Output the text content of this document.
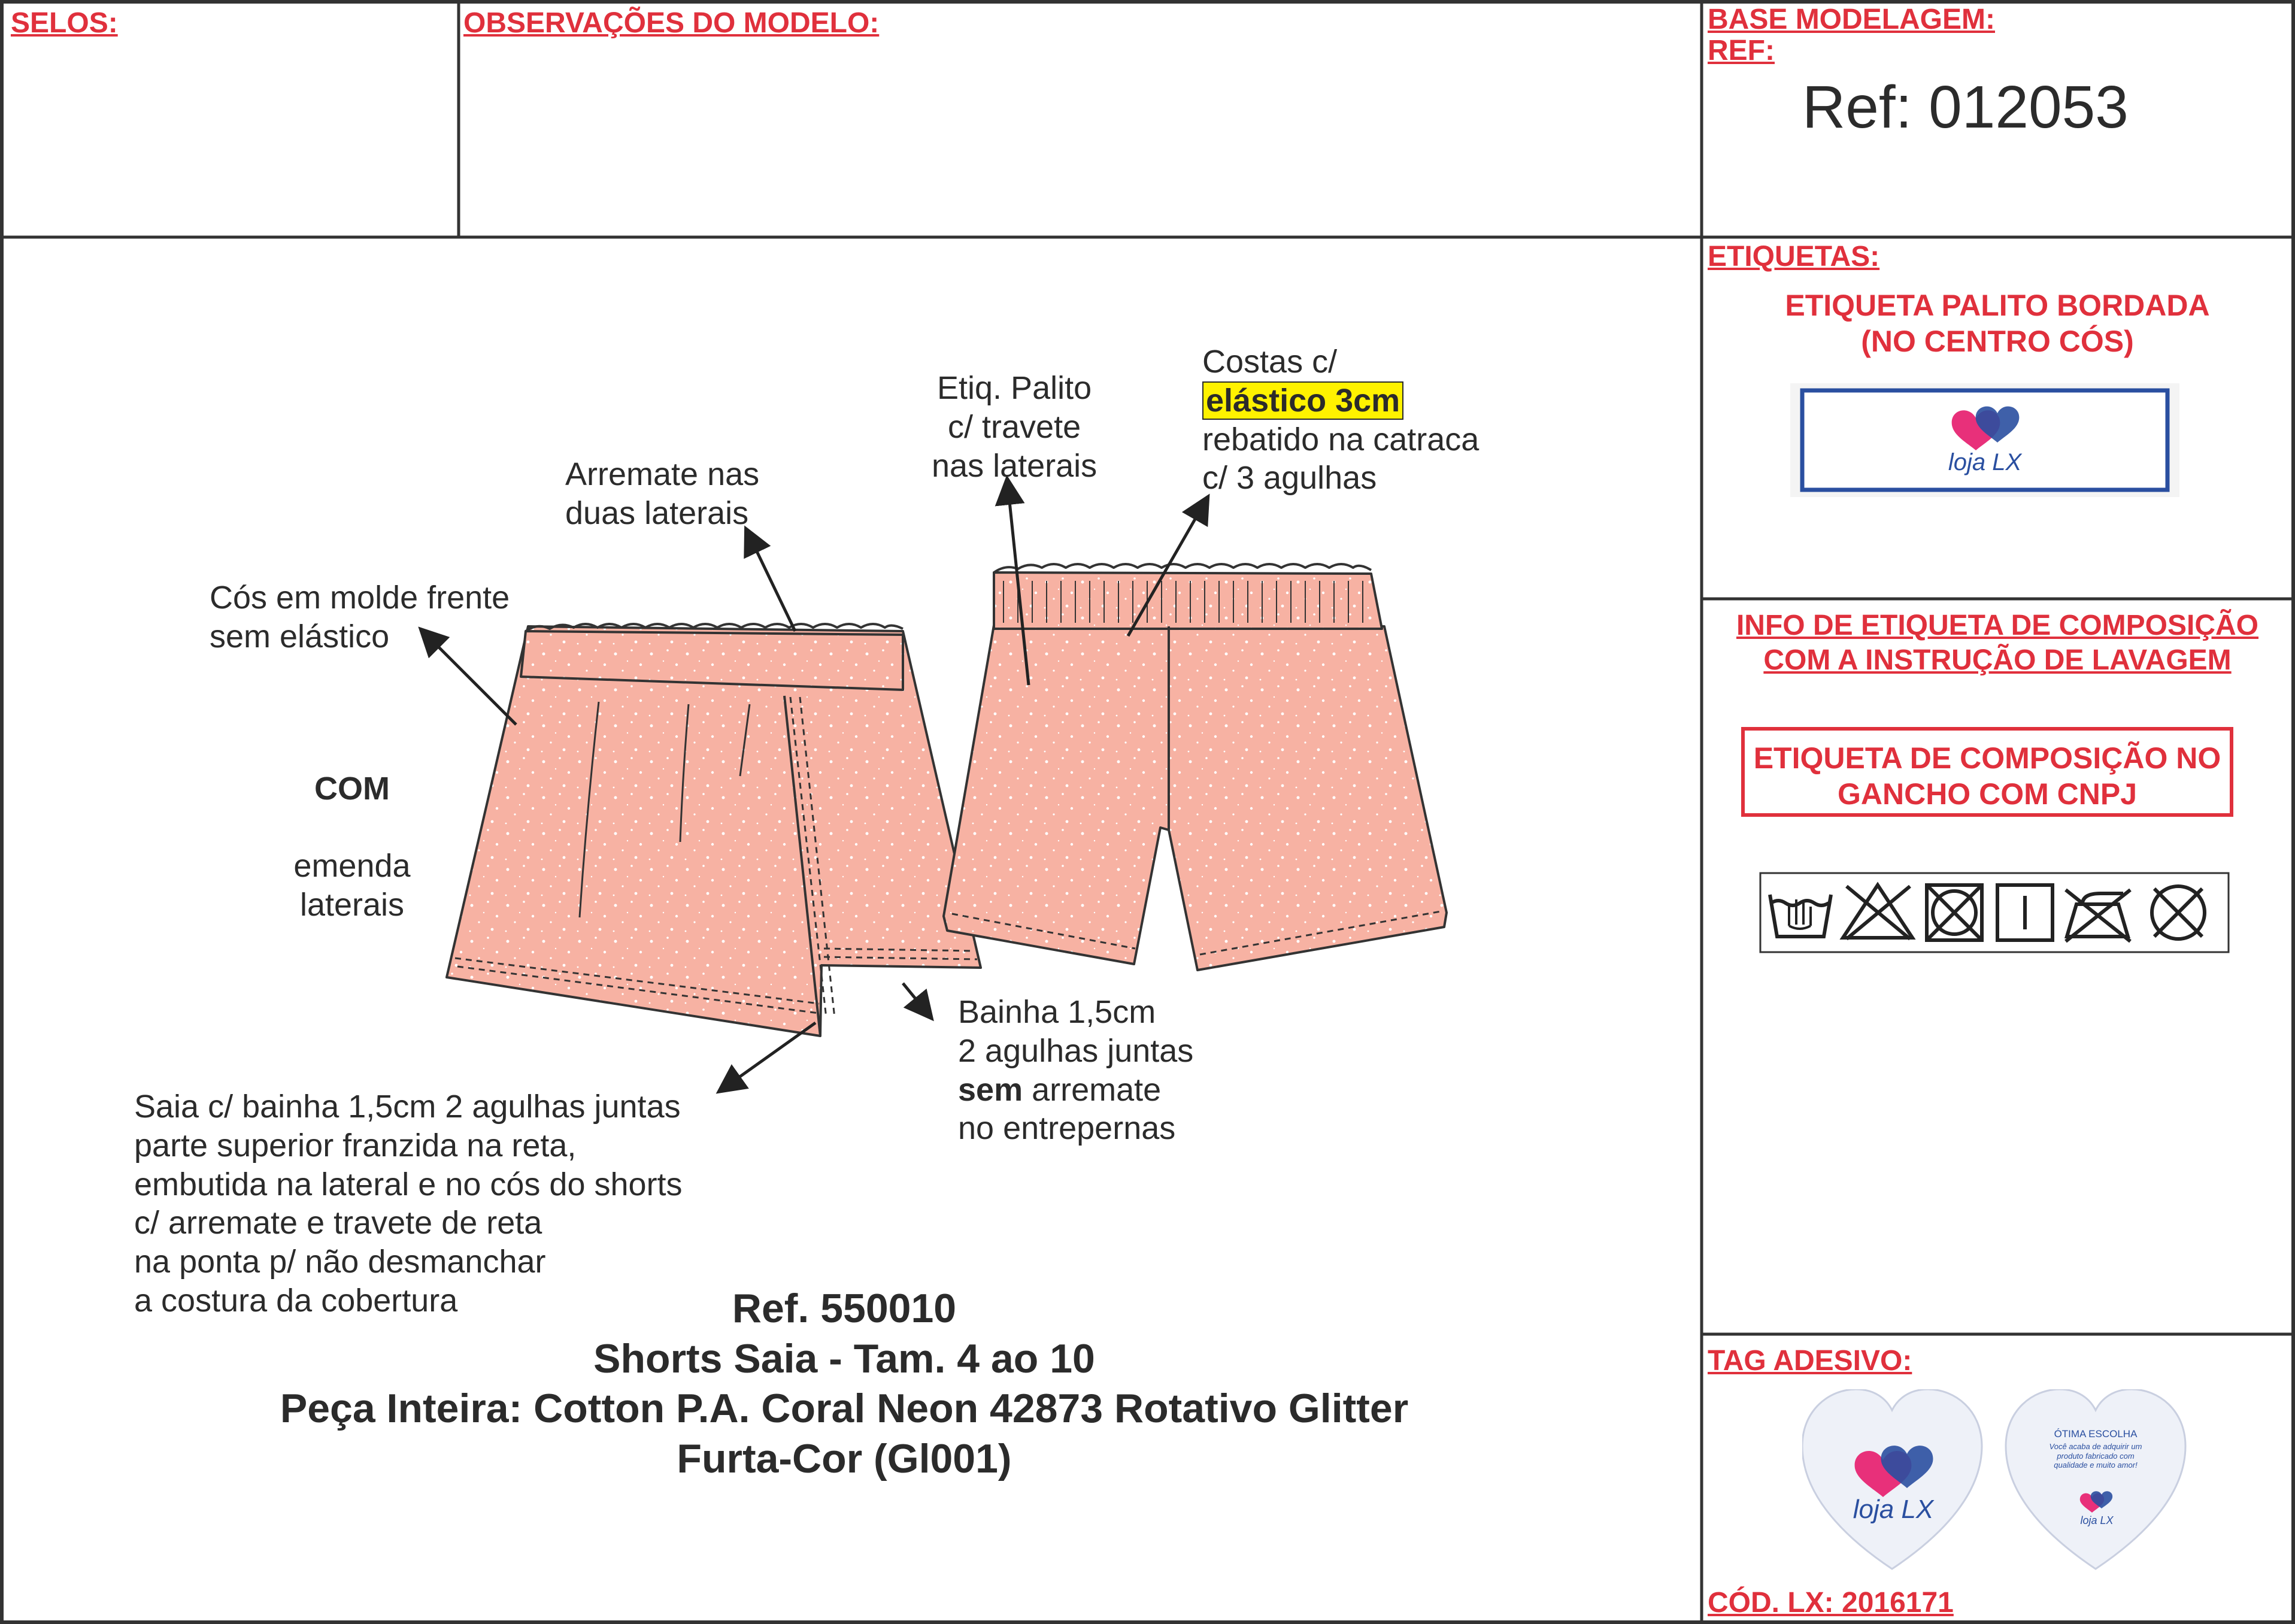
SELOS:	OBSERVAÇÕES DO MODELO:	BASE MODELAGEM:
REF:
Ref: 012053
ETIQUETAS:
ETIQUETA PALITO BORDADA
(NO CENTRO CÓS)
loja LX
INFO DE ETIQUETA DE COMPOSIÇÃO
COM A INSTRUÇÃO DE LAVAGEM
ETIQUETA DE COMPOSIÇÃO NO
GANCHO COM CNPJ
TAG ADESIVO:
loja LX
ÓTIMA ESCOLHA
Você acaba de adquirir um produto fabricado com qualidade e muito amor!
loja LX
CÓD. LX: 2016171
Cós em molde frente
sem elástico
Arremate nas
duas laterais
Etiq. Palito
c/ travete
nas laterais
Costas c/
elástico 3cm
rebatido na catraca
c/ 3 agulhas

COM

emenda
laterais

Bainha 1,5cm
2 agulhas juntas
sem arremate
no entrepernas
Saia c/ bainha 1,5cm 2 agulhas juntas
parte superior franzida na reta,
embutida na lateral e no cós do shorts
c/ arremate e travete de reta
na ponta p/ não desmanchar
a costura da cobertura	Ref. 550010
Shorts Saia - Tam. 4 ao 10
Peça Inteira: Cotton P.A. Coral Neon 42873 Rotativo Glitter
Furta-Cor (Gl001)
